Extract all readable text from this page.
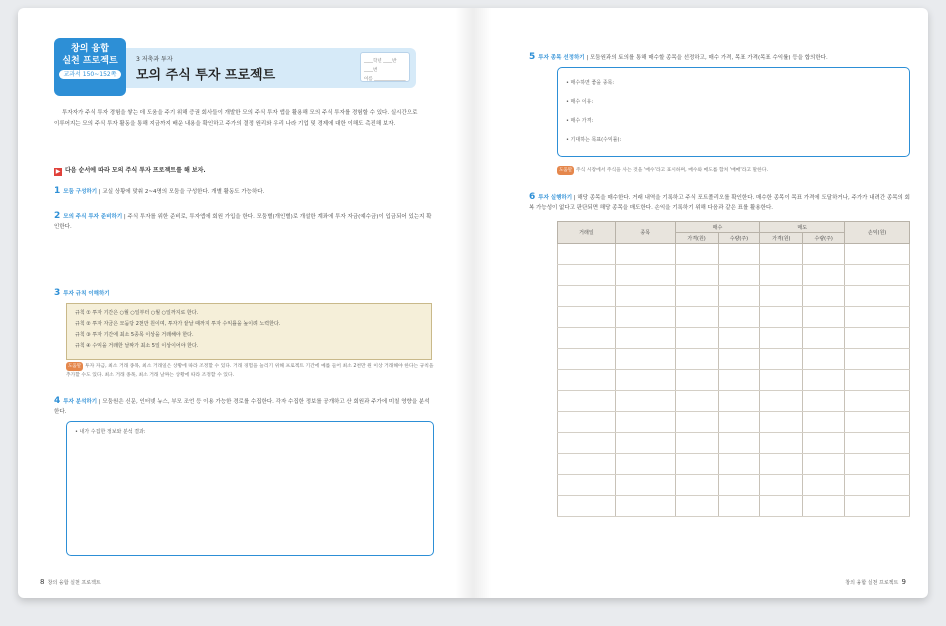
창의 융합
실천 프로젝트
교과서 150~152쪽
3 저축과 투자
모의 주식 투자 프로젝트
____학년 ____반 ____번
이름 ______________
투자자가 주식 투자 경험을 쌓는 데 도움을 주기 위해 증권 회사들이 개발한 모의 주식 투자 앱을 활용해 모의 주식 투자를 경험할 수 있다. 실시간으로 이루어지는 모의 주식 투자 활동을 통해 지금까지 배운 내용을 확인하고 주가의 결정 원리와 우리 나라 기업 및 경제에 대한 이해도 촉진해 보자.
▶ 다음 순서에 따라 모의 주식 투자 프로젝트를 해 보자.
1 모둠 구성하기 | 교실 상황에 맞춰 2~4명의 모둠을 구성한다. 개별 활동도 가능하다.
2 모의 주식 투자 준비하기 | 주식 투자를 위한 준비로, 투자앱에 회원 가입을 한다. 모둠별(개인별)로 개설한 계좌에 투자 자금(예수금)이 입금되어 있는지 확인한다.
3 투자 규칙 이해하기
규칙 ① 투자 기간은 ○월 ○일부터 ○월 ○일까지로 한다.
규칙 ② 투자 자금은 모둠당 2천만 원이며, 투자가 끝날 때까지 투자 수익률을 높이려 노력한다.
규칙 ③ 투자 기간에 최소 5종목 이상을 거래해야 한다.
규칙 ④ 수익을 거래한 날짜가 최소 5일 이상이어야 한다.
도움말 투자 자금, 최소 거래 종목, 최소 거래일은 상황에 따라 조정할 수 있다. 거래 경험을 늘리기 위해 프로젝트 기간에 예를 들어 최소 2천만 원 이상 거래해야 한다는 규칙을 추가할 수도 있다. 최소 거래 종목, 최소 거래 날짜는 상황에 따라 조정할 수 있다.
4 투자 분석하기 | 모둠원은 신문, 인터넷 뉴스, 부모 조언 등 이용 가능한 경로를 수집한다. 각자 수집한 정보를 공개하고 산 회원과 주가에 미칠 영향을 분석한다.
• 내가 수집한 정보와 분석 결과:
8 창의 융합 실천 프로젝트
5 투자 종목 선정하기 | 모둠원과의 토의를 통해 매수할 종목을 선정하고, 매수 가격, 목표 가격(목표 수익률) 등을 합의한다.
• 매수하면 좋을 종목:
• 매수 이유:
• 매수 가격:
• 기대하는 목표(수익률):
도움말 주식 시장에서 주식을 사는 것을 '매수'라고 표시하며, 매수와 매도를 합쳐 '매매'라고 말한다.
6 투자 실행하기 | 해당 종목을 매수한다. 거래 내역을 기록하고 주식 포트폴리오를 확인한다. 매수한 종목이 목표 가격에 도달하거나, 주가가 내려간 종목의 회복 가능성이 없다고 판단되면 해당 종목을 매도한다. 손익을 기록하기 위해 다음과 같은 표를 활용한다.
거래일	종목	매수		매도		손익(원)
		가격(원)	수량(주)	가격(원)	수량(주)	

창의 융합 실천 프로젝트 9
